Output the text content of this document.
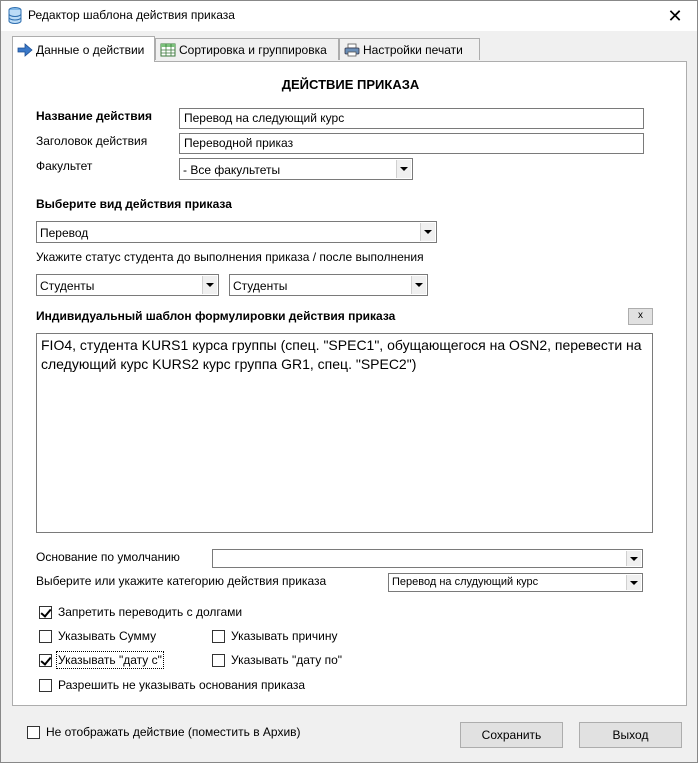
Редактор шаблона действия приказа	✕
Данные о действии	Сортировка и группировка	Настройки печати
ДЕЙСТВИЕ ПРИКАЗА
Название действия	Перевод на следующий курс
Заголовок действия	Переводной приказ
Факультет	- Все факультеты
Выберите вид действия приказа
Перевод
Укажите статус студента до выполнения приказа / после выполнения
Студенты	Студенты
Индивидуальный шаблон формулировки действия приказа	x
FIO4, студента KURS1 курса группы (спец. "SPEC1", обущающегося на OSN2, перевести на следующий курс KURS2 курс группа GR1, спец. "SPEC2")
Основание по умолчанию
Выберите или укажите категорию действия приказа	Перевод на слудующий курс
Запретить переводить с долгами
Указывать Сумму	Указывать причину
Указывать "дату с"	Указывать "дату по"
Разрешить не указывать основания приказа
Не отображать действие (поместить в Архив)	Сохранить	Выход
